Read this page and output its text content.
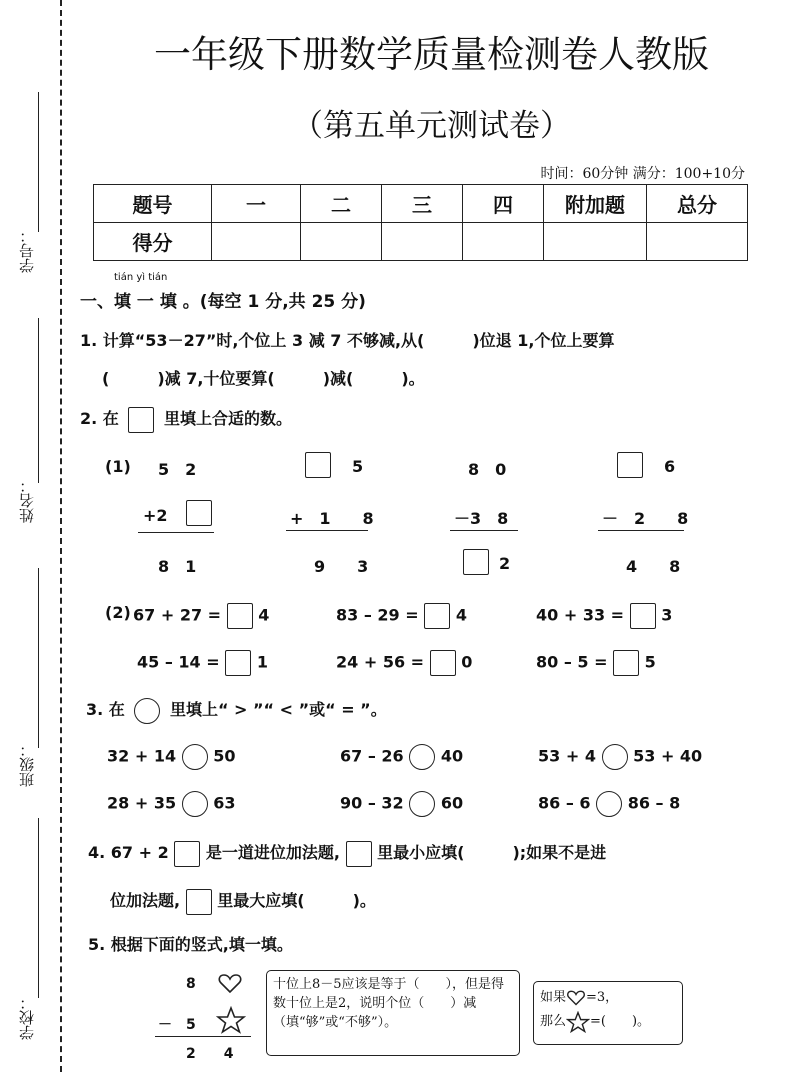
学号：
姓名：
班级：
学校：
一年级下册数学质量检测卷人教版
（第五单元测试卷）
时间：60分钟 满分：100+10分
题号	一	二	三	四	附加题	总分
得分						
tián yì tián
一、填 一 填 。(每空 1 分,共 25 分)
1. 计算“53－27”时,个位上 3 减 7 不够减,从(　　　)位退 1,个位上要算
(　　　)减 7,十位要算(　　　)减(　　　)。
2. 在	里填上合适的数。
(1) 5　2
+2
8　1
5
+　1　　8
9　　3
8　0
－3　8
2
6
－　2　　8
4　　8
(2) 67 + 27 = 4	83 – 29 = 4	40 + 33 = 3
45 – 14 = 1	24 + 56 = 0	80 – 5 = 5
3. 在	里填上“ > ”“ < ”或“ = ”。
32 + 14 50	67 – 26 40	53 + 4 53 + 40
28 + 35 63	90 – 32 60	86 – 6 86 – 8
4. 67 + 2 是一道进位加法题, 里最小应填(　　　);如果不是进
位加法题, 里最大应填(　　　)。
5. 根据下面的竖式,填一填。
8
－　5
2　　4
十位上8－5应该是等于（　　），但是得数十位上是2，说明个位（　　）减（填“够”或“不够”）。
如果 =3，
那么 =(　　)。
